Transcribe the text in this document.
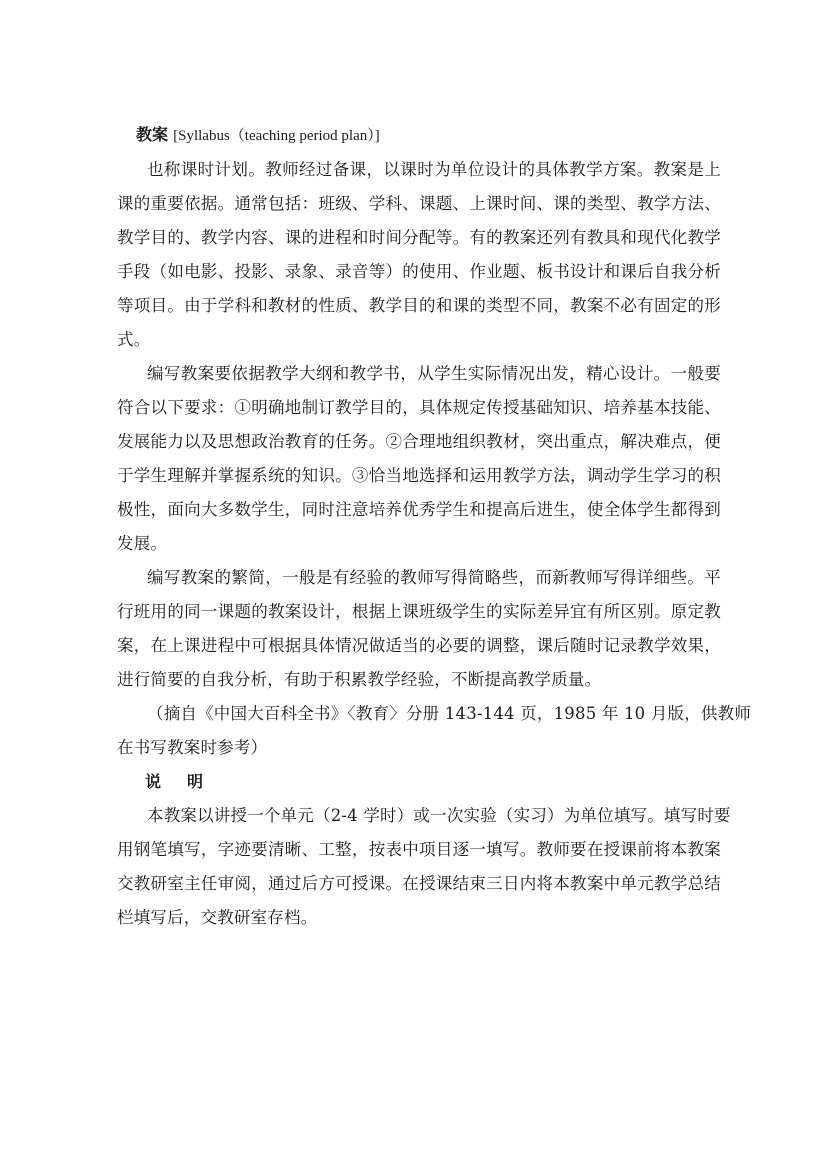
教案 [Syllabus（teaching period plan）]

也称课时计划。教师经过备课，以课时为单位设计的具体教学方案。教案是上

课的重要依据。通常包括：班级、学科、课题、上课时间、课的类型、教学方法、

教学目的、教学内容、课的进程和时间分配等。有的教案还列有教具和现代化教学

手段（如电影、投影、录象、录音等）的使用、作业题、板书设计和课后自我分析

等项目。由于学科和教材的性质、教学目的和课的类型不同，教案不必有固定的形

式。

编写教案要依据教学大纲和教学书，从学生实际情况出发，精心设计。一般要

符合以下要求：①明确地制订教学目的，具体规定传授基础知识、培养基本技能、

发展能力以及思想政治教育的任务。②合理地组织教材，突出重点，解决难点，便

于学生理解并掌握系统的知识。③恰当地选择和运用教学方法，调动学生学习的积

极性，面向大多数学生，同时注意培养优秀学生和提高后进生，使全体学生都得到

发展。

编写教案的繁简，一般是有经验的教师写得简略些，而新教师写得详细些。平

行班用的同一课题的教案设计，根据上课班级学生的实际差异宜有所区别。原定教

案，在上课进程中可根据具体情况做适当的必要的调整，课后随时记录教学效果，

进行简要的自我分析，有助于积累教学经验，不断提高教学质量。

（摘自《中国大百科全书》〈教育〉分册 143-144 页，1985 年 10 月版，供教师

在书写教案时参考）

说明

本教案以讲授一个单元（2-4 学时）或一次实验（实习）为单位填写。填写时要

用钢笔填写，字迹要清晰、工整，按表中项目逐一填写。教师要在授课前将本教案

交教研室主任审阅，通过后方可授课。在授课结束三日内将本教案中单元教学总结

栏填写后，交教研室存档。
